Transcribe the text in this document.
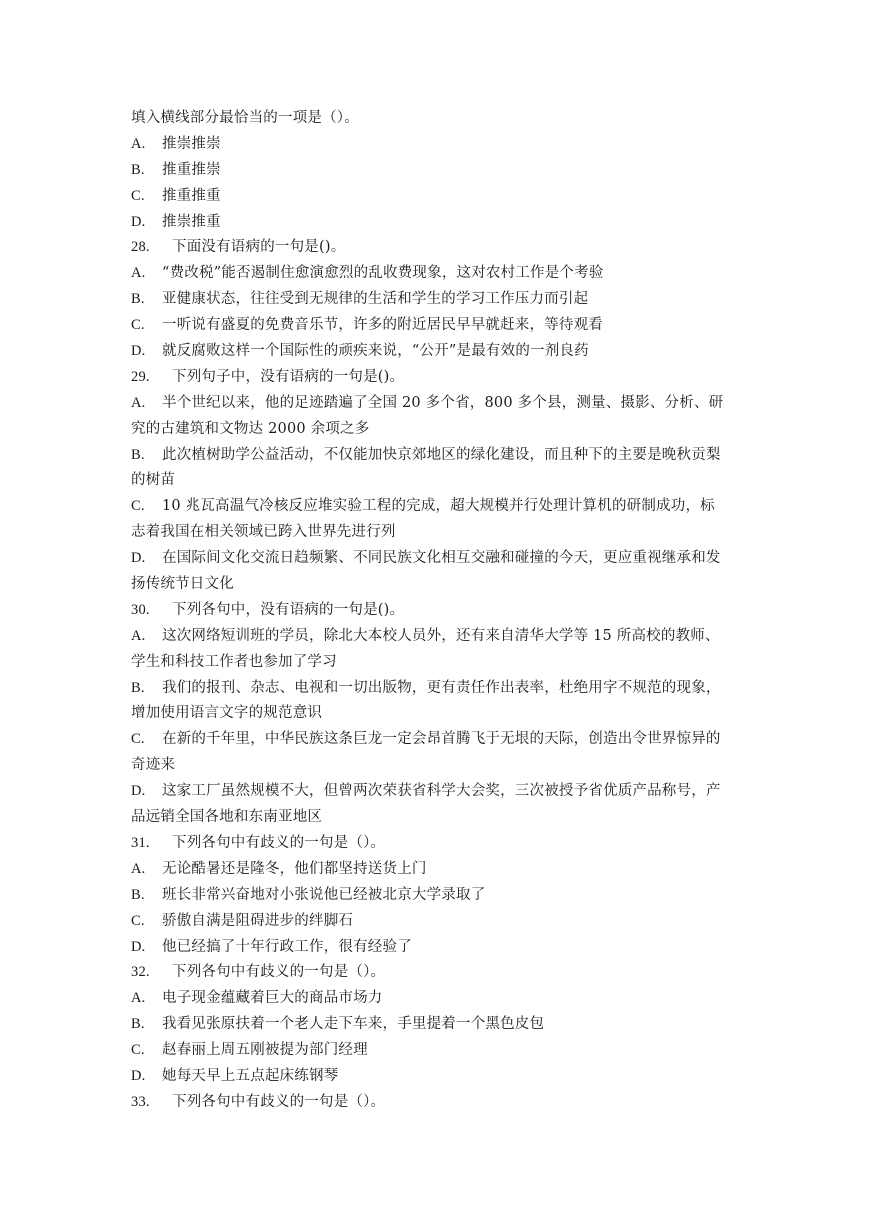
填入横线部分最恰当的一项是（）。
A. 推崇推崇
B. 推重推崇
C. 推重推重
D. 推崇推重
28. 下面没有语病的一句是()。
A. “费改税”能否遏制住愈演愈烈的乱收费现象，这对农村工作是个考验
B. 亚健康状态，往往受到无规律的生活和学生的学习工作压力而引起
C. 一听说有盛夏的免费音乐节，许多的附近居民早早就赶来，等待观看
D. 就反腐败这样一个国际性的顽疾来说，“公开”是最有效的一剂良药
29. 下列句子中，没有语病的一句是()。
A. 半个世纪以来，他的足迹踏遍了全国 20 多个省，800 多个县，测量、摄影、分析、研
究的古建筑和文物达 2000 余项之多
B. 此次植树助学公益活动，不仅能加快京郊地区的绿化建设，而且种下的主要是晚秋贡梨
的树苗
C. 10 兆瓦高温气冷核反应堆实验工程的完成，超大规模并行处理计算机的研制成功，标
志着我国在相关领域已跨入世界先进行列
D. 在国际间文化交流日趋频繁、不同民族文化相互交融和碰撞的今天，更应重视继承和发
扬传统节日文化
30. 下列各句中，没有语病的一句是()。
A. 这次网络短训班的学员，除北大本校人员外，还有来自清华大学等 15 所高校的教师、
学生和科技工作者也参加了学习
B. 我们的报刊、杂志、电视和一切出版物，更有责任作出表率，杜绝用字不规范的现象，
增加使用语言文字的规范意识
C. 在新的千年里，中华民族这条巨龙一定会昂首腾飞于无垠的天际，创造出令世界惊异的
奇迹来
D. 这家工厂虽然规模不大，但曾两次荣获省科学大会奖，三次被授予省优质产品称号，产
品远销全国各地和东南亚地区
31. 下列各句中有歧义的一句是（）。
A. 无论酷暑还是隆冬，他们都坚持送货上门
B. 班长非常兴奋地对小张说他已经被北京大学录取了
C. 骄傲自满是阻碍进步的绊脚石
D. 他已经搞了十年行政工作，很有经验了
32. 下列各句中有歧义的一句是（）。
A. 电子现金蕴藏着巨大的商品市场力
B. 我看见张原扶着一个老人走下车来，手里提着一个黑色皮包
C. 赵春丽上周五刚被提为部门经理
D. 她每天早上五点起床练钢琴
33. 下列各句中有歧义的一句是（）。
